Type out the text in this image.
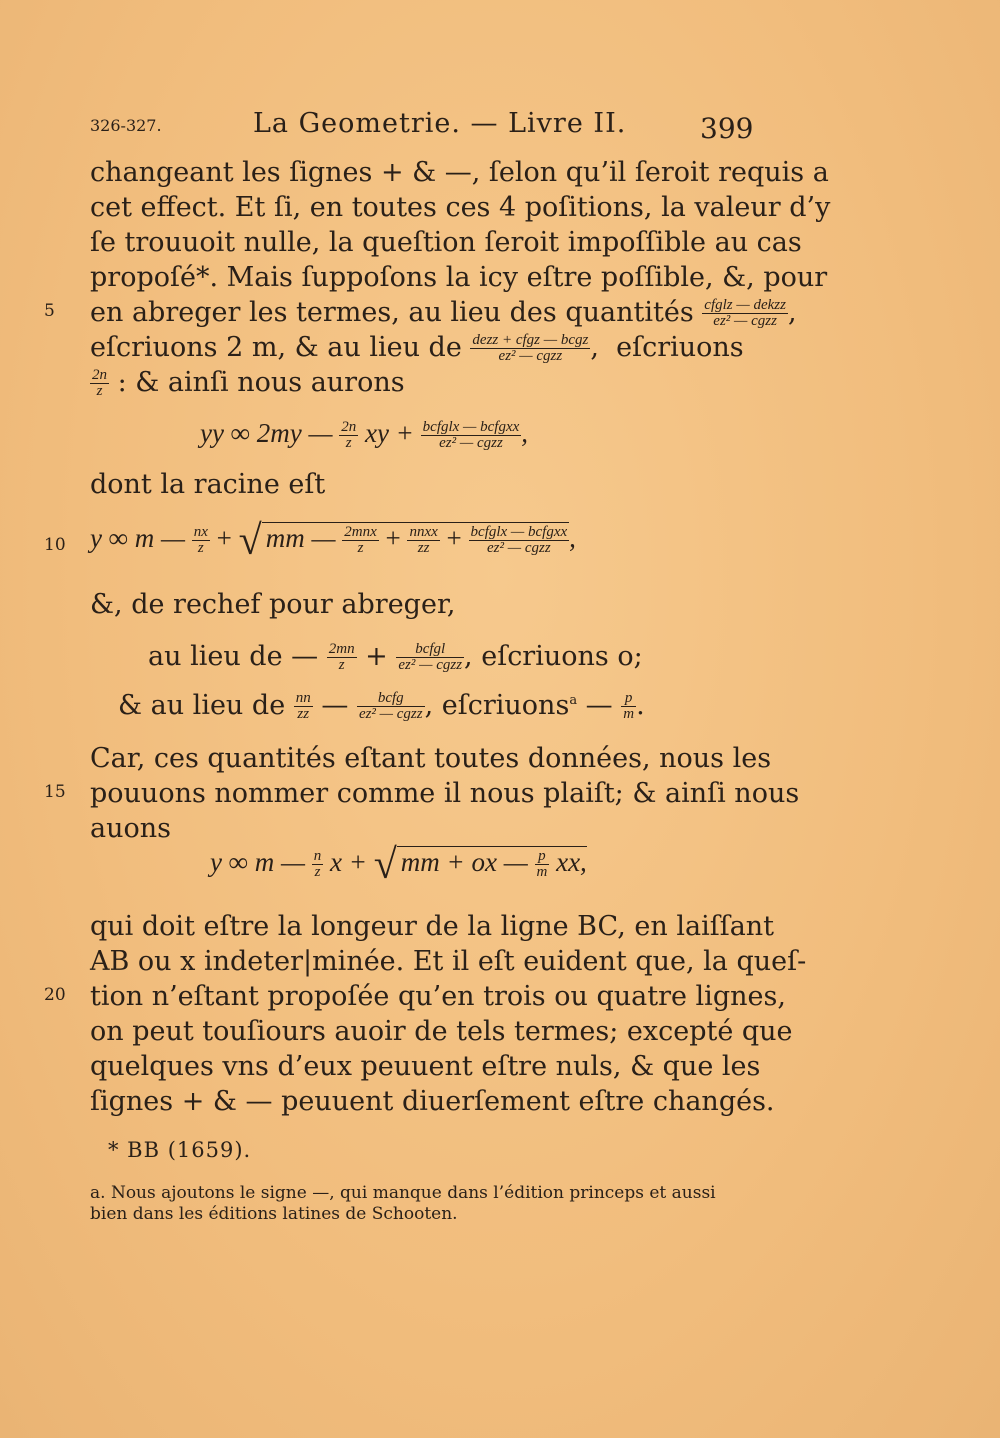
326-327.	La Geometrie. — Livre II.	399
changeant les ſignes + & —, ſelon qu’il ſeroit requis a
cet effect. Et ſi, en toutes ces 4 poſitions, la valeur d’y
ſe trouuoit nulle, la queſtion ſeroit impoſſible au cas
propoſé*. Mais ſuppoſons la icy eſtre poſſible, &, pour
5 en abreger les termes, au lieu des quantités $\frac{\text{cfglz — dekzz}}{\text{ez² — cgzz}}$ ,
eſcriuons 2 m, & au lieu de $\frac{\text{dezz + cfgz — bcgz}}{\text{ez² — cgzz}}$ ,  eſcriuons
$\frac{2n}{z}$ : & ainſi nous aurons
yy ∞ 2my — $\frac{2n}{z}$ xy + $\frac{\text{bcfglx — bcfgxx}}{\text{ez² — cgzz}}$ ,
dont la racine eſt
10 y ∞ m — $\frac{nx}{z}$ + √ mm — $\frac{\text{2mnx}}{z} + \frac{\text{nnxx}}{zz} + \frac{\text{bcfglx — bcfgxx}}{\text{ez² — cgzz}}$ ,
&, de rechef pour abreger,
au lieu de — $\frac{2mn}{z} + \frac{\text{bcfgl}}{\text{ez² — cgzz}}$ , eſcriuons o;
& au lieu de $\frac{nn}{zz}$ — $\frac{\text{bcfg}}{\text{ez² — cgzz}}$ , eſcriuons$^a$ — $\frac{p}{m}$ .
Car, ces quantités eſtant toutes données, nous les
15 pouuons nommer comme il nous plaiſt; & ainſi nous
auons
y ∞ m — $\frac{n}{z}$ x + √ mm + ox — $\frac{p}{m}$ xx,
qui doit eſtre la longeur de la ligne BC, en laiſſant
AB ou x indeter|minée. Et il eſt euident que, la queſ-
20 tion n’eſtant propoſée qu’en trois ou quatre lignes,
on peut touſiours auoir de tels termes; excepté que
quelques vns d’eux peuuent eſtre nuls, & que les
ſignes + & — peuuent diuerſement eſtre changés.
* BB (1659).
a. Nous ajoutons le signe —, qui manque dans l’édition princeps et aussi bien dans les éditions latines de Schooten.
